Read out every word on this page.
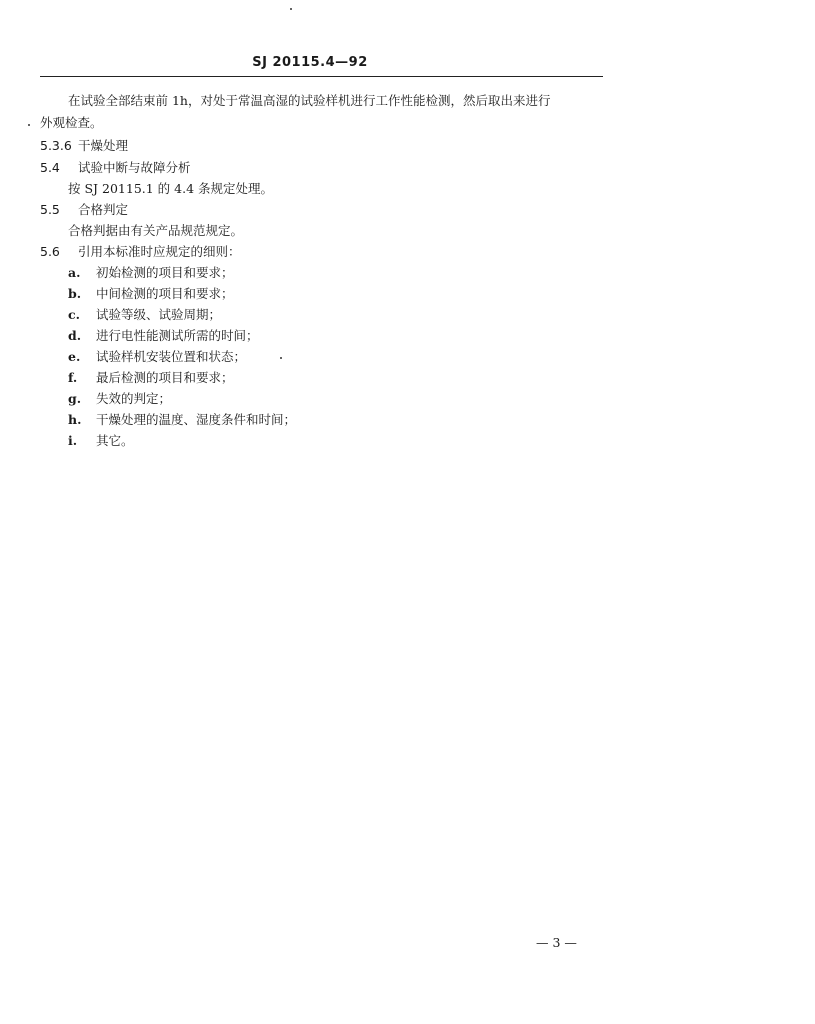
SJ 20115.4—92
在试验全部结束前 1h，对处于常温高湿的试验样机进行工作性能检测，然后取出来进行
外观检查。
5.3.6 干燥处理
5.4 试验中断与故障分析
按 SJ 20115.1 的 4.4 条规定处理。
5.5 合格判定
合格判据由有关产品规范规定。
5.6 引用本标准时应规定的细则：
a. 初始检测的项目和要求；
b. 中间检测的项目和要求；
c. 试验等级、试验周期；
d. 进行电性能测试所需的时间；
e. 试验样机安装位置和状态；
f. 最后检测的项目和要求；
g. 失效的判定；
h. 干燥处理的温度、湿度条件和时间；
i. 其它。
— 3 —
